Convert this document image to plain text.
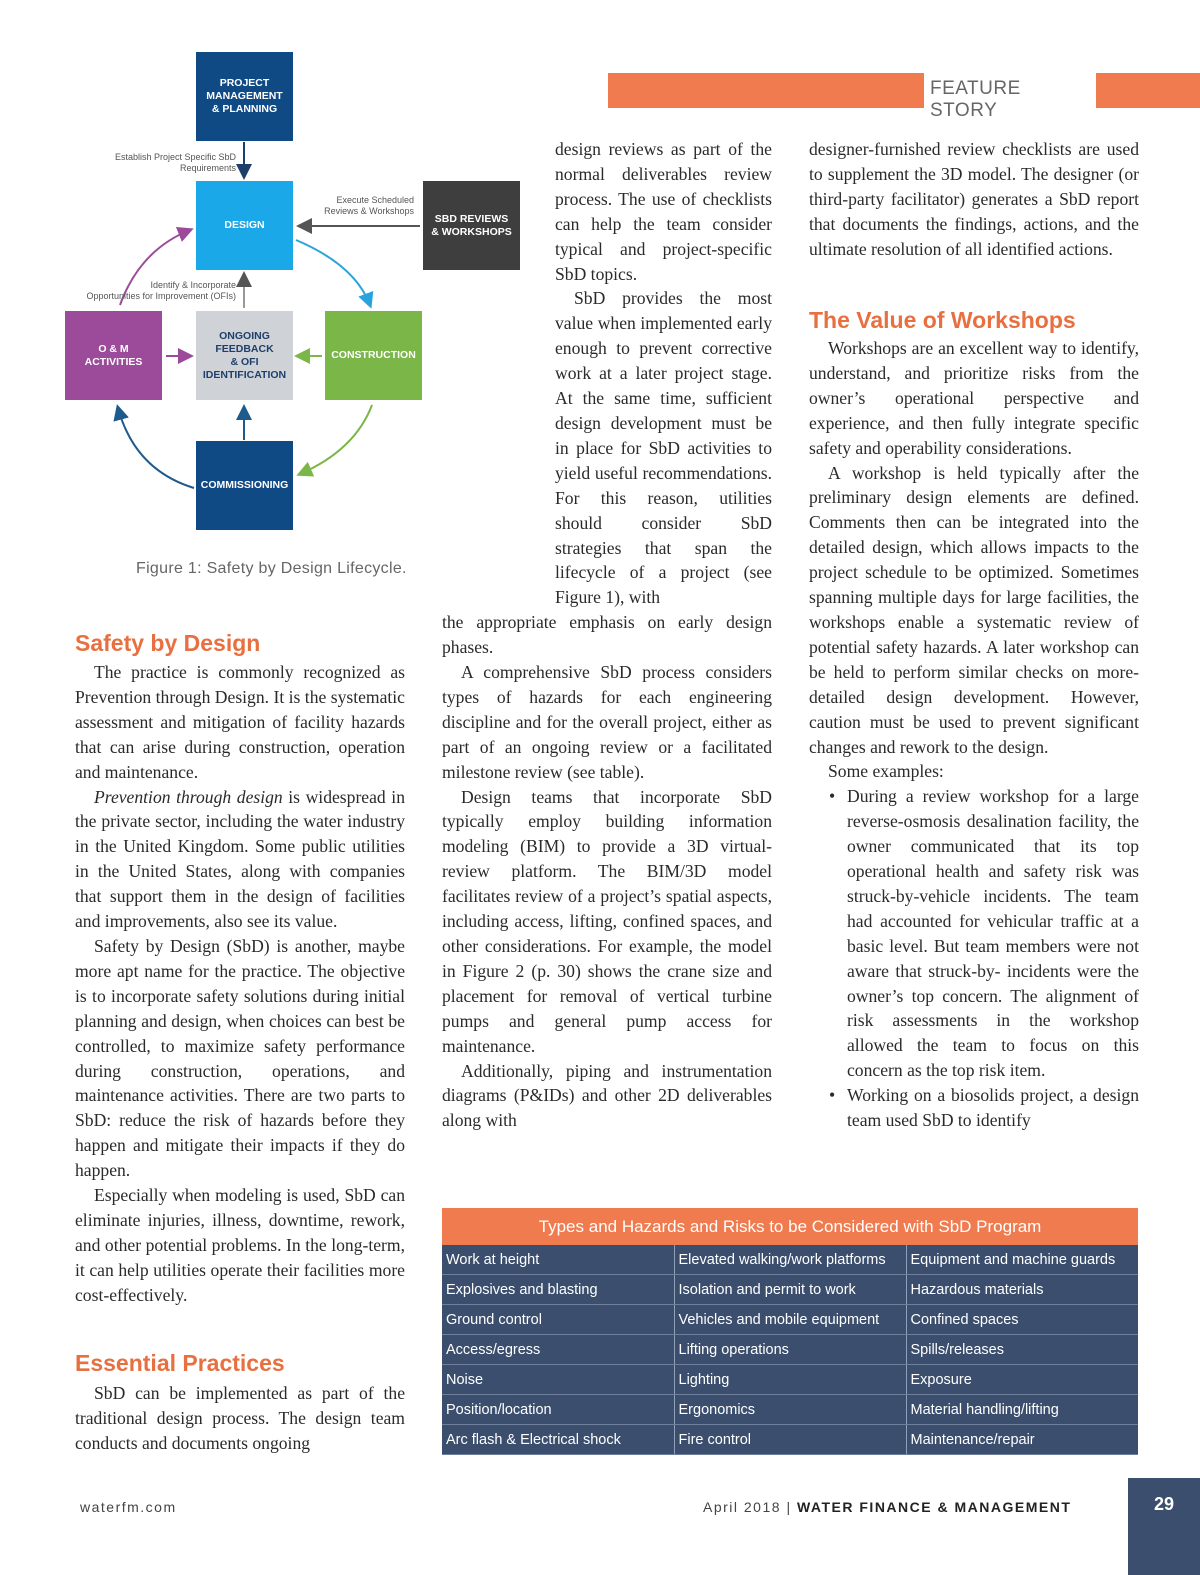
FEATURE STORY
PROJECT
MANAGEMENT
& PLANNING
DESIGN
SBD REVIEWS
& WORKSHOPS
O & M
ACTIVITIES
ONGOING
FEEDBACK
& OFI
IDENTIFICATION
CONSTRUCTION
COMMISSIONING
Establish Project Specific SbD
Requirements
Execute Scheduled
Reviews & Workshops
Identify & Incorporate
Opportunities for Improvement (OFIs)
Figure 1: Safety by Design Lifecycle.
Safety by Design

The practice is commonly recognized as Prevention through Design. It is the systematic assessment and mitigation of facility hazards that can arise during construction, operation and maintenance.

Prevention through design is widespread in the private sector, including the water industry in the United Kingdom. Some public utilities in the United States, along with companies that support them in the design of facilities and improvements, also see its value.

Safety by Design (SbD) is another, maybe more apt name for the practice. The objective is to incorporate safety solutions during initial planning and design, when choices can best be controlled, to maximize safety performance during construction, operations, and maintenance activities. There are two parts to SbD: reduce the risk of hazards before they happen and mitigate their impacts if they do happen.

Especially when modeling is used, SbD can eliminate injuries, illness, downtime, rework, and other potential problems. In the long-term, it can help utilities operate their facilities more cost-effectively.

Essential Practices

SbD can be implemented as part of the traditional design process. The design team conducts and documents ongoing

design reviews as part of the normal deliverables review process. The use of checklists can help the team consider typical and project-specific SbD topics.

SbD provides the most value when implemented early enough to prevent corrective work at a later project stage. At the same time, sufficient design development must be in place for SbD activities to yield useful recommendations. For this reason, utilities should consider SbD strategies that span the lifecycle of a project (see Figure 1), with

the appropriate emphasis on early design phases.

A comprehensive SbD process considers types of hazards for each engineering discipline and for the overall project, either as part of an ongoing review or a facilitated milestone review (see table).

Design teams that incorporate SbD typically employ building information modeling (BIM) to provide a 3D virtual-review platform. The BIM/3D model facilitates review of a project’s spatial aspects, including access, lifting, confined spaces, and other considerations. For example, the model in Figure 2 (p. 30) shows the crane size and placement for removal of vertical turbine pumps and general pump access for maintenance.

Additionally, piping and instrumentation diagrams (P&IDs) and other 2D deliverables along with

designer-furnished review checklists are used to supplement the 3D model. The designer (or third-party facilitator) generates a SbD report that documents the findings, actions, and the ultimate resolution of all identified actions.

The Value of Workshops

Workshops are an excellent way to identify, understand, and prioritize risks from the owner’s operational perspective and experience, and then fully integrate specific safety and operability considerations.

A workshop is held typically after the preliminary design elements are defined. Comments then can be integrated into the detailed design, which allows impacts to the project schedule to be optimized. Sometimes spanning multiple days for large facilities, the workshops enable a systematic review of potential safety hazards. A later workshop can be held to perform similar checks on more-detailed design development. However, caution must be used to prevent significant changes and rework to the design.

Some examples:

• During a review workshop for a large reverse-osmosis desalination facility, the owner communicated that its top operational health and safety risk was struck-by-vehicle incidents. The team had accounted for vehicular traffic at a basic level. But team members were not aware that struck-by- incidents were the owner’s top concern. The alignment of risk assessments in the workshop allowed the team to focus on this concern as the top risk item.
• Working on a biosolids project, a design team used SbD to identify
Types and Hazards and Risks to be Considered with SbD Program
Work at height	Elevated walking/work platforms	Equipment and machine guards
Explosives and blasting	Isolation and permit to work	Hazardous materials
Ground control	Vehicles and mobile equipment	Confined spaces
Access/egress	Lifting operations	Spills/releases
Noise	Lighting	Exposure
Position/location	Ergonomics	Material handling/lifting
Arc flash & Electrical shock	Fire control	Maintenance/repair
waterfm.com	April 2018 | WATER FINANCE & MANAGEMENT	29
